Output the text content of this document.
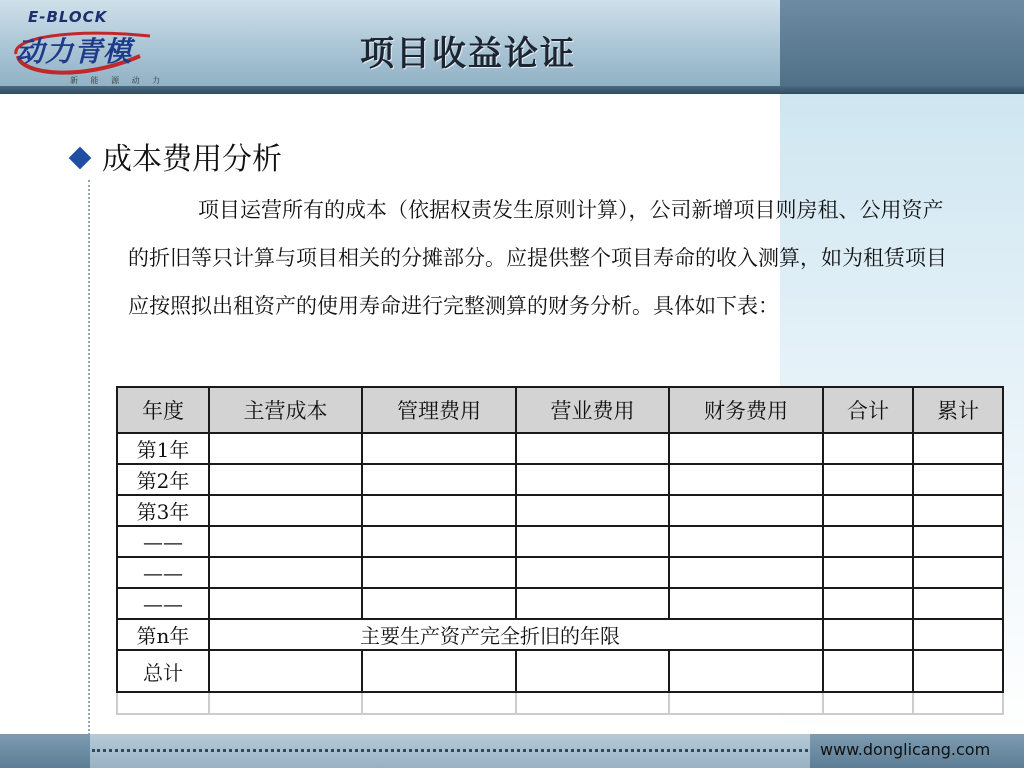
E-BLOCK
动力青模
新 能 源 动 力
项目收益论证
成本费用分析
项目运营所有的成本（依据权责发生原则计算），公司新增项目则房租、公用资产的折旧等只计算与项目相关的分摊部分。应提供整个项目寿命的收入测算，如为租赁项目应按照拟出租资产的使用寿命进行完整测算的财务分析。具体如下表：
年度	主营成本	管理费用	营业费用	财务费用	合计	累计
第1年						
第2年						
第3年						
——						
——						
——						
第n年	主要生产资产完全折旧的年限					
总计						

www.donglicang.com
